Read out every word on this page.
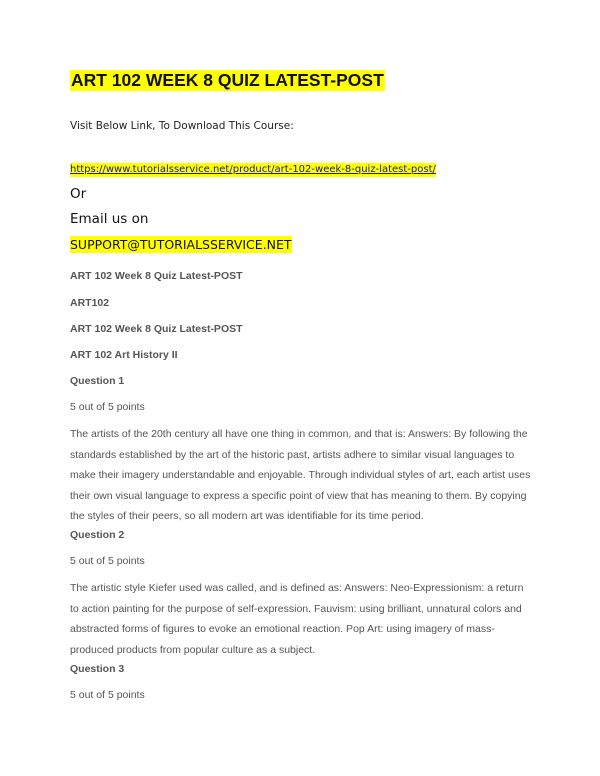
ART 102 WEEK 8 QUIZ LATEST-POST
Visit Below Link, To Download This Course:
https://www.tutorialsservice.net/product/art-102-week-8-quiz-latest-post/
Or
Email us on
SUPPORT@TUTORIALSSERVICE.NET
ART 102 Week 8 Quiz Latest-POST
ART102
ART 102 Week 8 Quiz Latest-POST
ART 102 Art History II
Question 1
5 out of 5 points
The artists of the 20th century all have one thing in common, and that is: Answers: By following the standards established by the art of the historic past, artists adhere to similar visual languages to make their imagery understandable and enjoyable. Through individual styles of art, each artist uses their own visual language to express a specific point of view that has meaning to them. By copying the styles of their peers, so all modern art was identifiable for its time period.
Question 2
5 out of 5 points
The artistic style Kiefer used was called, and is defined as: Answers: Neo-Expressionism: a return to action painting for the purpose of self-expression. Fauvism: using brilliant, unnatural colors and abstracted forms of figures to evoke an emotional reaction. Pop Art: using imagery of mass-produced products from popular culture as a subject.
Question 3
5 out of 5 points
